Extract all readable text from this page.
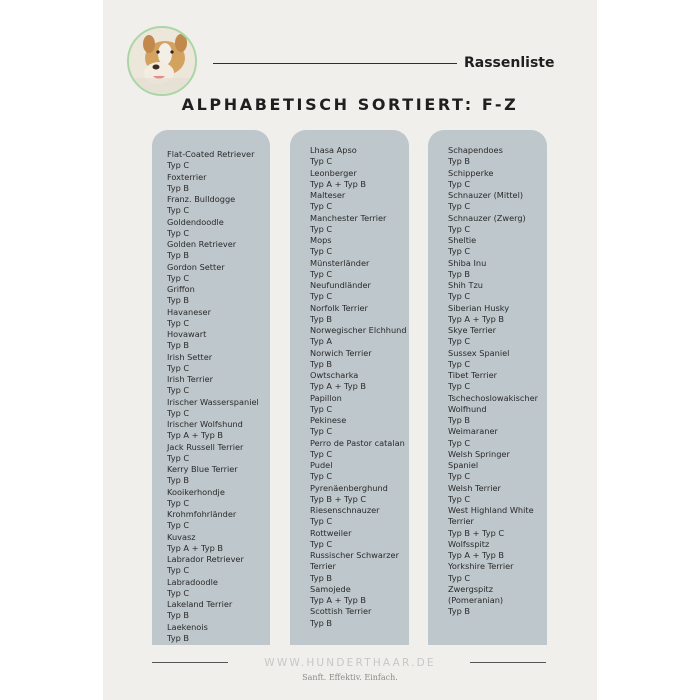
Rassenliste
ALPHABETISCH SORTIERT: F-Z
Flat-Coated Retriever
Typ C
Foxterrier
Typ B
Franz. Bulldogge
Typ C
Goldendoodle
Typ C
Golden Retriever
Typ B
Gordon Setter
Typ C
Griffon
Typ B
Havaneser
Typ C
Hovawart
Typ B
Irish Setter
Typ C
Irish Terrier
Typ C
Irischer Wasserspaniel
Typ C
Irischer Wolfshund
Typ A + Typ B
Jack Russell Terrier
Typ C
Kerry Blue Terrier
Typ B
Kooikerhondje
Typ C
Krohmfohrländer
Typ C
Kuvasz
Typ A + Typ B
Labrador Retriever
Typ C
Labradoodle
Typ C
Lakeland Terrier
Typ B
Laekenois
Typ B
Lhasa Apso
Typ C
Leonberger
Typ A + Typ B
Malteser
Typ C
Manchester Terrier
Typ C
Mops
Typ C
Münsterländer
Typ C
Neufundländer
Typ C
Norfolk Terrier
Typ B
Norwegischer Elchhund
Typ A
Norwich Terrier
Typ B
Owtscharka
Typ A + Typ B
Papillon
Typ C
Pekinese
Typ C
Perro de Pastor catalan
Typ C
Pudel
Typ C
Pyrenäenberghund
Typ B + Typ C
Riesenschnauzer
Typ C
Rottweiler
Typ C
Russischer Schwarzer
Terrier
Typ B
Samojede
Typ A + Typ B
Scottish Terrier
Typ B
Schapendoes
Typ B
Schipperke
Typ C
Schnauzer (Mittel)
Typ C
Schnauzer (Zwerg)
Typ C
Sheltie
Typ C
Shiba Inu
Typ B
Shih Tzu
Typ C
Siberian Husky
Typ A + Typ B
Skye Terrier
Typ C
Sussex Spaniel
Typ C
Tibet Terrier
Typ C
Tschechoslowakischer
Wolfhund
Typ B
Weimaraner
Typ C
Welsh Springer
Spaniel
Typ C
Welsh Terrier
Typ C
West Highland White
Terrier
Typ B + Typ C
Wolfsspitz
Typ A + Typ B
Yorkshire Terrier
Typ C
Zwergspitz
(Pomeranian)
Typ B
WWW.HUNDERTHAAR.DE
Sanft. Effektiv. Einfach.
